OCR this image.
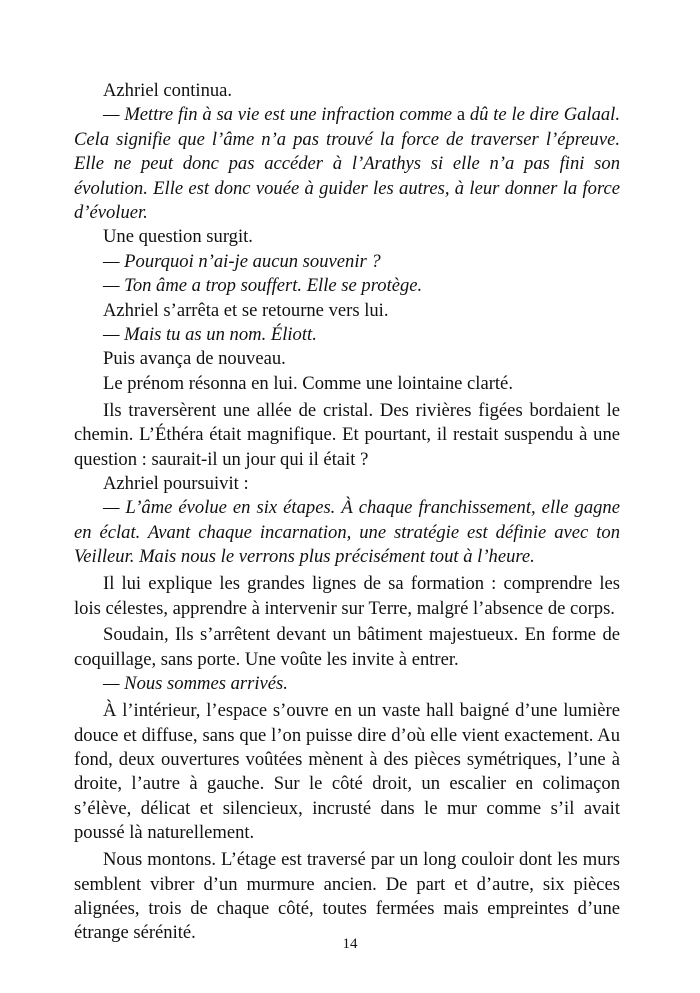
Azhriel continua.

— Mettre fin à sa vie est une infraction comme a dû te le dire Galaal. Cela signifie que l’âme n’a pas trouvé la force de traverser l’épreuve. Elle ne peut donc pas accéder à l’Arathys si elle n’a pas fini son évolution. Elle est donc vouée à guider les autres, à leur donner la force d’évoluer.

Une question surgit.

— Pourquoi n’ai-je aucun souvenir ?

— Ton âme a trop souffert. Elle se protège.

Azhriel s’arrêta et se retourne vers lui.

— Mais tu as un nom. Éliott.

Puis avança de nouveau.

Le prénom résonna en lui. Comme une lointaine clarté.

Ils traversèrent une allée de cristal. Des rivières figées bordaient le chemin. L’Éthéra était magnifique. Et pourtant, il restait suspendu à une question : saurait-il un jour qui il était ?

Azhriel poursuivit :

— L’âme évolue en six étapes. À chaque franchissement, elle gagne en éclat. Avant chaque incarnation, une stratégie est définie avec ton Veilleur. Mais nous le verrons plus précisément tout à l’heure.

Il lui explique les grandes lignes de sa formation : comprendre les lois célestes, apprendre à intervenir sur Terre, malgré l’absence de corps.

Soudain, Ils s’arrêtent devant un bâtiment majestueux. En forme de coquillage, sans porte. Une voûte les invite à entrer.

— Nous sommes arrivés.

À l’intérieur, l’espace s’ouvre en un vaste hall baigné d’une lumière douce et diffuse, sans que l’on puisse dire d’où elle vient exactement. Au fond, deux ouvertures voûtées mènent à des pièces symétriques, l’une à droite, l’autre à gauche. Sur le côté droit, un escalier en colimaçon s’élève, délicat et silencieux, incrusté dans le mur comme s’il avait poussé là naturellement.

Nous montons. L’étage est traversé par un long couloir dont les murs semblent vibrer d’un murmure ancien. De part et d’autre, six pièces alignées, trois de chaque côté, toutes fermées mais empreintes d’une étrange sérénité.

14
